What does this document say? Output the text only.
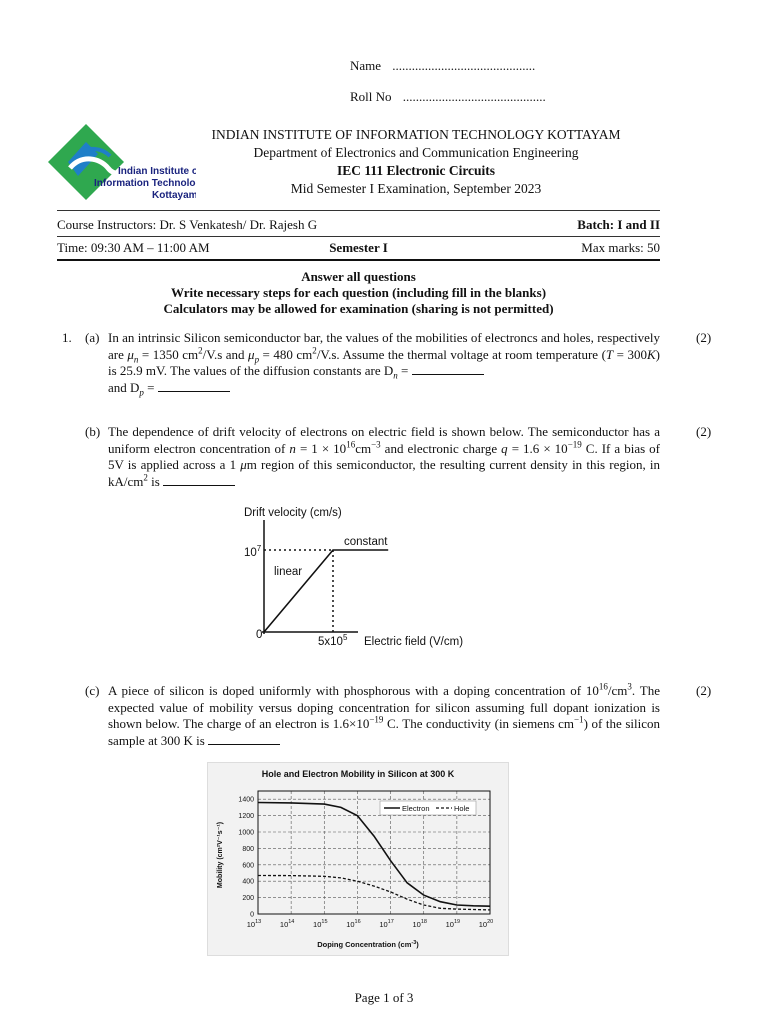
Name ............................................
Roll No ............................................
Indian Institute of
Information Technology
Kottayam
INDIAN INSTITUTE OF INFORMATION TECHNOLOGY KOTTAYAM
Department of Electronics and Communication Engineering
IEC 111 Electronic Circuits
Mid Semester I Examination, September 2023
Course Instructors: Dr. S Venkatesh/ Dr. Rajesh G	Batch: I and II
Time: 09:30 AM – 11:00 AM	Semester I	Max marks: 50
Answer all questions
Write necessary steps for each question (including fill in the blanks)
Calculators may be allowed for examination (sharing is not permitted)
1. (a)	(2)
In an intrinsic Silicon semiconductor bar, the values of the mobilities of electroncs and holes, respectively are $\mu_n = 1350$ $cm^2/V.s$ and $\mu_p = 480$ $cm^2/V.s$. Assume the thermal voltage at room temperature (T = 300K) is 25.9 mV. The values of the diffusion constants are $D_n$ =
and $D_p$ =
(b)	(2)
The dependence of drift velocity of electrons on electric field is shown below. The semiconductor has a uniform electron concentration of $n = 1 \times 10^{16}cm^{-3}$ and electronic charge $q = 1.6 \times 10^{-19}$ C. If a bias of 5V is applied across a 1 μm region of this semiconductor, the resulting current density in this region, in $kA/cm^2$ is
Drift velocity (cm/s)
$10^7$
0
$5x10^5$ Electric field (V/cm)
linear
constant
(c)	(2)
A piece of silicon is doped uniformly with phosphorous with a doping concentration of $10^{16}/cm^3$. The expected value of mobility versus doping concentration for silicon assuming full dopant ionization is shown below. The charge of an electron is $1.6\times 10^{-19}$ C. The conductivity (in siemens $cm^{-1}$) of the silicon sample at 300 K is
Hole and Electron Mobility in Silicon at 300 K
0
200
400
600
800
1000
1200
1400
$10^{13}$ $10^{14}$ $10^{15}$ $10^{16}$ $10^{17}$ $10^{18}$ $10^{19}$ $10^{20}$
Electron	Hole
Mobility (cm²V⁻¹s⁻¹)
Doping Concentration $(cm^{-3})$
Page 1 of 3
